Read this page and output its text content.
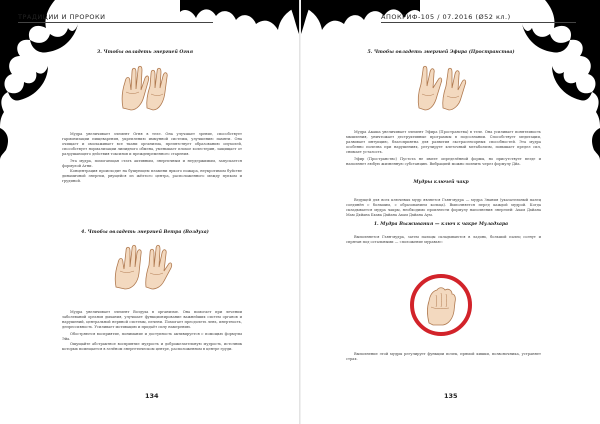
ТРАДИЦИИ И ПРОРОКИ
3. Чтобы овладеть энергией Огня

Мудра увеличивает элемент Огня в теле. Она улучшает зрение, способствует гармонизации пищеварения, укреплению иммунной системы, улучшению памяти. Она очищает и омолаживает все ткани организма, препятствует образованию опухолей, способствует нормализации липидного обмена, уменьшает плохое холестерин, защищает от разрушающего действия токсинов и преждевременного старения.

Эта мудра, помогающая стать активным, энергичным и неудержимым, запускается формулой Агни.

Концентрация происходит на бушующем пламени яркого пожара, неукротимом буйстве динамичной энергии, рвущейся из жёлтого центра, расположенного между пупком и грудиной.

4. Чтобы овладеть энергией Ветра (Воздуха)

Мудра увеличивает элемент Воздуха в организме. Она помогает при лечении заболеваний органов дыхания, улучшает функционирование важнейших систем органов и нарушений, центральной нервной системы, печени. Помогает преодолеть лень, инертность, депрессивность. Усиливает мотивацию и придаёт силу намерению.

Обостряются восприятие, понимание и доступность активируется с помощью формулы Эйа.

Ощущайте абстрактное восприятие мудрость и доброжелательную мудрость, источник которых помещается в зелёном энергетическом центре, расположенном в центре груди.

134
АПОКРИФ-105 / 07.2016 (Ø52 кл.)
5. Чтобы овладеть энергией Эфира (Пространства)

Мудра Акаша увеличивает элемент Эфира (Пространства) в теле. Она усиливает понятливость мышления, уничтожает деструктивные программы в подсознании. Способствует медитации, развивает интуицию, благоприятна для развития экстрасенсорных способностей. Эта мудра особенно полезна при нарушениях, регулирует клеточный метаболизм, повышает предел сил, снимает усталость.

Эфир (Пространство) Пустота не имеет определённой формы, но присутствует везде и наполняет любую жизненную субстанцию. Вибрацией можно полнить через формулу Дйа.

Мудры ключей чакр

Ведущей для всех ключевых мудр является Гьян-мудра — мудра Знания (указательный палец соединён с большим, с образованием кольца). Выполняется перед каждой мудрой. Когда складывается мудра чакры, необходимо произнести формулу наполнения энергией: Ахам Дхйана Мам Дхйана Бхава Дхйана Ахам Дхйана Аум.

1. Мудра Выживания — ключ к чакре Муладхара

Выполняется Гьян-мудра, затем пальцы складываются в ладонь, большой палец согнут и спрятан под остальными — «положение муравья»:

Выполнение этой мудры регулирует функции почек, прямой кишки, позвоночника, устраняет страх.

135
